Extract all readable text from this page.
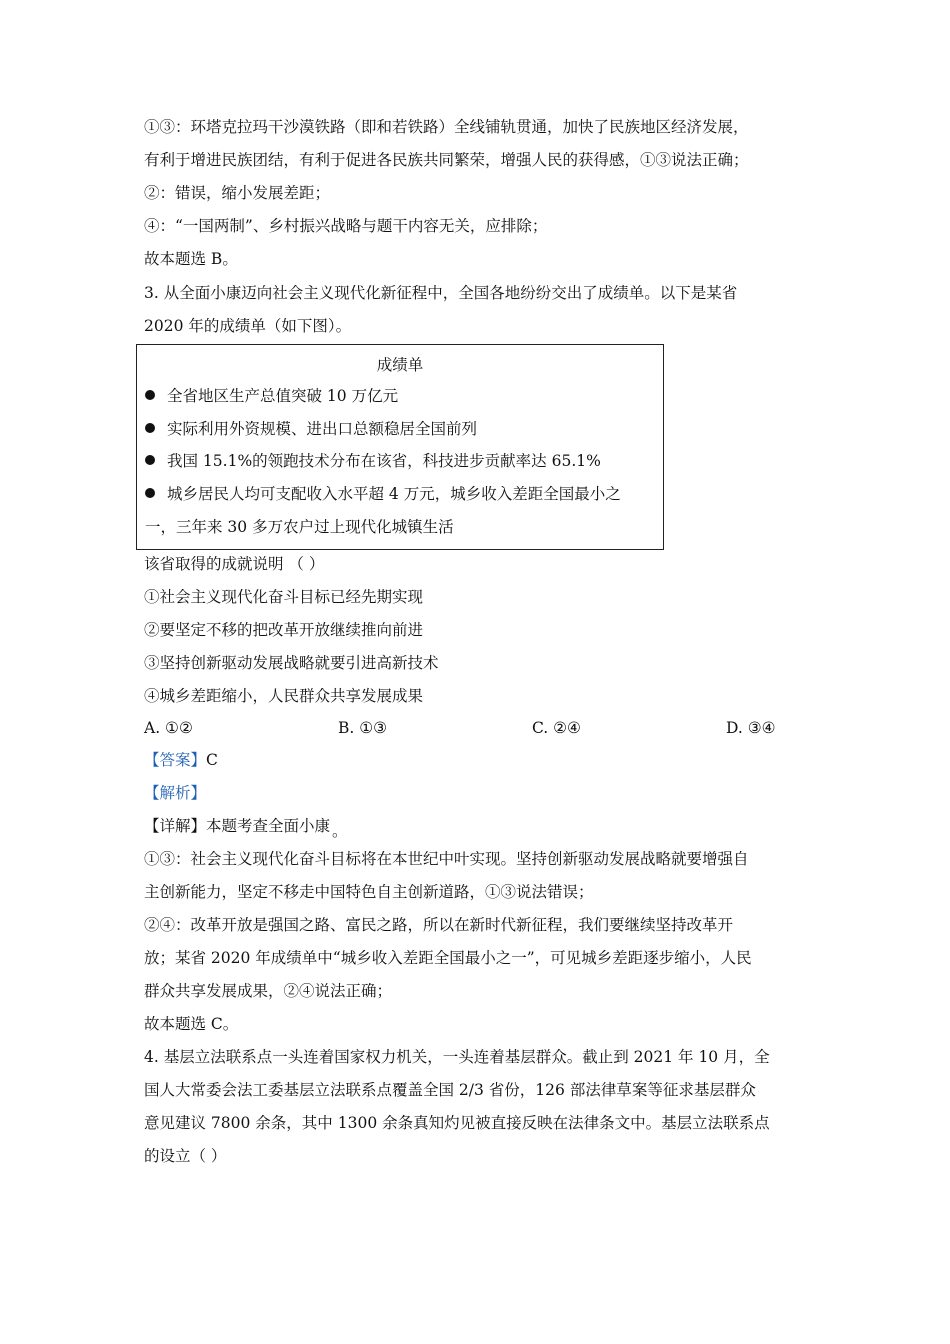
①③：环塔克拉玛干沙漠铁路（即和若铁路）全线铺轨贯通，加快了民族地区经济发展，
有利于增进民族团结，有利于促进各民族共同繁荣，增强人民的获得感，①③说法正确；
②：错误，缩小发展差距；
④：“一国两制”、乡村振兴战略与题干内容无关，应排除；
故本题选 B。
3. 从全面小康迈向社会主义现代化新征程中，全国各地纷纷交出了成绩单。以下是某省
2020 年的成绩单（如下图）。
成绩单
全省地区生产总值突破 10 万亿元
实际利用外资规模、进出口总额稳居全国前列
我国 15.1%的领跑技术分布在该省，科技进步贡献率达 65.1%
城乡居民人均可支配收入水平超 4 万元，城乡收入差距全国最小之
一，三年来 30 多万农户过上现代化城镇生活
该省取得的成就说明 （ ）
①社会主义现代化奋斗目标已经先期实现
②要坚定不移的把改革开放继续推向前进
③坚持创新驱动发展战略就要引进高新技术
④城乡差距缩小，人民群众共享发展成果
A. ①②	B. ①③	C. ②④	D. ③④
【答案】C
【解析】
【详解】本题考查全面小康 。
①③：社会主义现代化奋斗目标将在本世纪中叶实现。坚持创新驱动发展战略就要增强自
主创新能力，坚定不移走中国特色自主创新道路，①③说法错误；
②④：改革开放是强国之路、富民之路，所以在新时代新征程，我们要继续坚持改革开
放；某省 2020 年成绩单中“城乡收入差距全国最小之一”，可见城乡差距逐步缩小，人民
群众共享发展成果，②④说法正确；
故本题选 C。
4. 基层立法联系点一头连着国家权力机关，一头连着基层群众。截止到 2021 年 10 月，全
国人大常委会法工委基层立法联系点覆盖全国 2/3 省份，126 部法律草案等征求基层群众
意见建议 7800 余条，其中 1300 余条真知灼见被直接反映在法律条文中。基层立法联系点
的设立（ ）
